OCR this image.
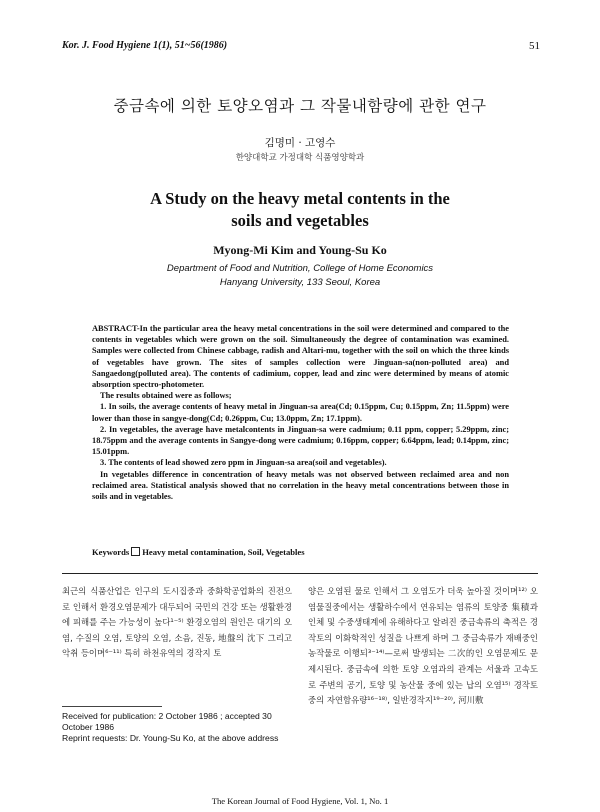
Kor. J. Food Hygiene 1(1), 51~56(1986)	51
중금속에 의한 토양오염과 그 작물내함량에 관한 연구
김명미 · 고영수
한양대학교 가정대학 식품영양학과
A Study on the heavy metal contents in the
soils and vegetables
Myong-Mi Kim and Young-Su Ko
Department of Food and Nutrition, College of Home Economics
Hanyang University, 133 Seoul, Korea

ABSTRACT-In the particular area the heavy metal concentrations in the soil were determined and compared to the contents in vegetables which were grown on the soil. Simultaneously the degree of contamination was examined. Samples were collected from Chinese cabbage, radish and Altari-mu, together with the soil on which the three kinds of vegetables have grown. The sites of samples collection were Jinguan-sa(non-polluted area) and Sangaedong(polluted area). The contents of cadimium, copper, lead and zinc were determined by means of atomic absorption spectro-photometer.

The results obtained were as follows;

1. In soils, the average contents of heavy metal in Jinguan-sa area(Cd; 0.15ppm, Cu; 0.15ppm, Zn; 11.5ppm) were lower than those in sangye-dong(Cd; 0.26ppm, Cu; 13.0ppm, Zn; 17.1ppm).

2. In vegetables, the average have metalcontents in Jinguan-sa were cadmium; 0.11 ppm, copper; 5.29ppm, zinc; 18.75ppm and the average contents in Sangye-dong were cadmium; 0.16ppm, copper; 6.64ppm, lead; 0.14ppm, zinc; 15.01ppm.

3. The contents of lead showed zero ppm in Jinguan-sa area(soil and vegetables).

In vegetables difference in concentration of heavy metals was not observed between reclaimed area and non reclaimed area. Statistical analysis showed that no correlation in the heavy metal concentrations between those in soils and in vegetables.

Keywords Heavy metal contamination, Soil, Vegetables

최근의 식품산업은 인구의 도시집중과 중화학공업화의 진전으로 인해서 환경오염문제가 대두되어 국민의 건강 또는 생활환경에 피해를 주는 가능성이 높다¹⁻⁵⁾ 환경오염의 원인은 대기의 오염, 수질의 오염, 토양의 오염, 소음, 진동, 地盤의 沈下 그리고 악취 등이며⁶⁻¹¹⁾ 특히 하천유역의 경작지 토

양은 오염된 물로 인해서 그 오염도가 더욱 높아질 것이며¹²⁾ 오염물질중에서는 생활하수에서 연유되는 염류의 토양중 集積과 인체 및 수중생태계에 유해하다고 알려진 중금속류의 축적은 경작토의 이화학적인 성질을 나쁘게 하며 그 중금속류가 재배중인 농작물로 이행되³⁻¹⁴⁾—로써 발생되는 二次的인 오염문제도 문제시된다. 중금속에 의한 토양 오염과의 관계는 서울과 고속도로 주변의 공기, 토양 및 농산물 중에 있는 납의 오염¹⁵⁾ 경작토중의 자연함유량¹⁶⁻¹⁸⁾, 일반경작지¹⁹⁻²⁰⁾, 河川敷

Received for publication: 2 October 1986 ; accepted 30 October 1986

Reprint requests: Dr. Young-Su Ko, at the above address

The Korean Journal of Food Hygiene, Vol. 1, No. 1
